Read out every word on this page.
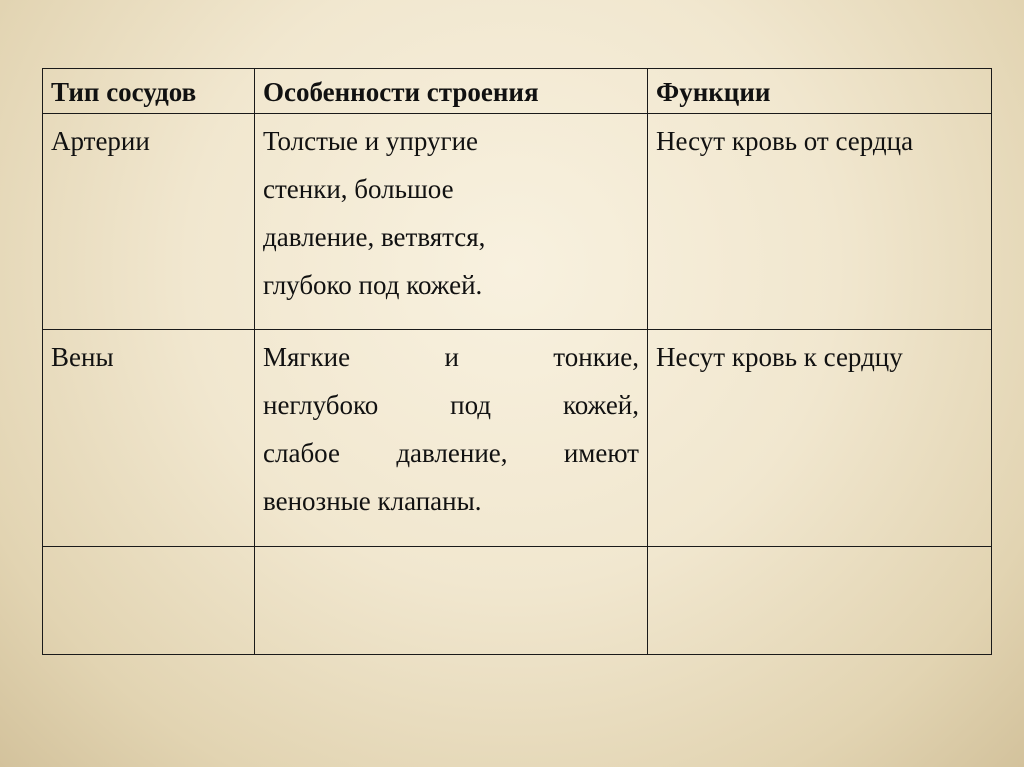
Тип сосудов	Особенности строения	Функции

Артерии	Толстые и упругие
стенки, большое
давление, ветвятся,
глубоко под кожей.	Несут кровь от сердца

Вены	Мягкие и тонкие,
неглубоко под кожей,
слабое давление, имеют
венозные клапаны.	Несут кровь к сердцу
